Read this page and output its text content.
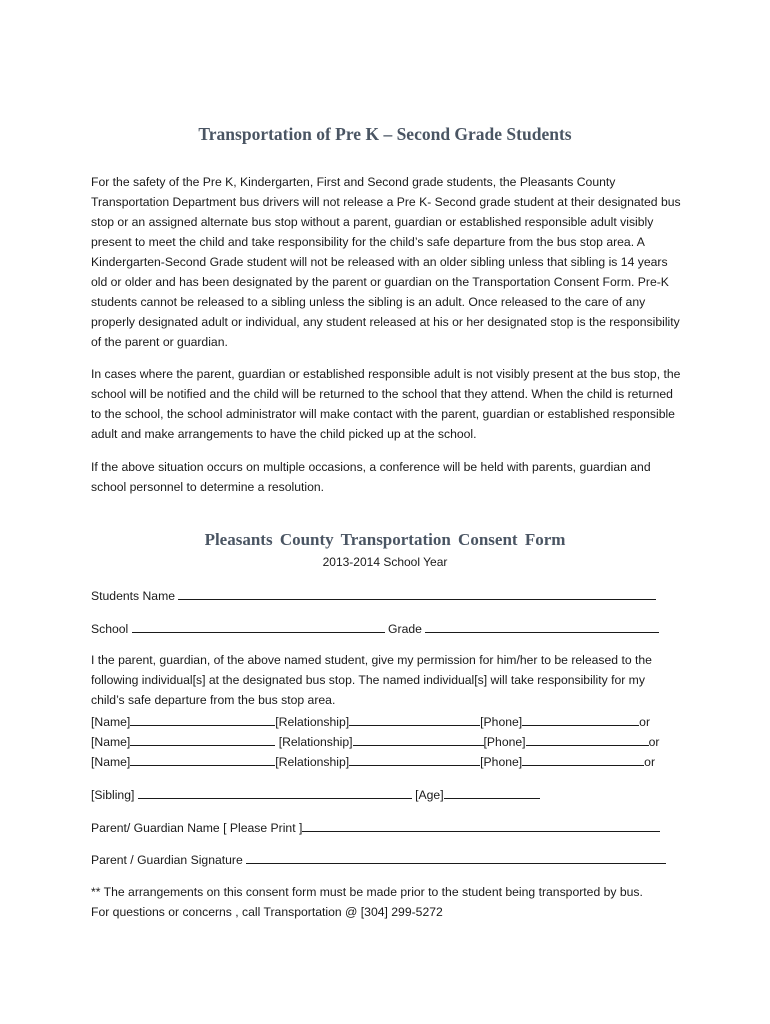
Transportation of Pre K – Second Grade Students

For the safety of the Pre K, Kindergarten, First and Second grade students, the Pleasants County Transportation Department bus drivers will not release a Pre K- Second grade student at their designated bus stop or an assigned alternate bus stop without a parent, guardian or established responsible adult visibly present to meet the child and take responsibility for the child’s safe departure from the bus stop area. A Kindergarten-Second Grade student will not be released with an older sibling unless that sibling is 14 years old or older and has been designated by the parent or guardian on the Transportation Consent Form. Pre-K students cannot be released to a sibling unless the sibling is an adult. Once released to the care of any properly designated adult or individual, any student released at his or her designated stop is the responsibility of the parent or guardian.

In cases where the parent, guardian or established responsible adult is not visibly present at the bus stop, the school will be notified and the child will be returned to the school that they attend. When the child is returned to the school, the school administrator will make contact with the parent, guardian or established responsible adult and make arrangements to have the child picked up at the school.

If the above situation occurs on multiple occasions, a conference will be held with parents, guardian and school personnel to determine a resolution.

Pleasants County Transportation Consent Form
2013-2014 School Year
Students Name
School	Grade

I the parent, guardian, of the above named student, give my permission for him/her to be released to the following individual[s] at the designated bus stop. The named individual[s] will take responsibility for my child’s safe departure from the bus stop area.

[Name]	[Relationship]	[Phone]	or
[Name]	[Relationship]	[Phone]	or
[Name]	[Relationship]	[Phone]	or
[Sibling]	[Age]
Parent/ Guardian Name [ Please Print ]
Parent / Guardian Signature

** The arrangements on this consent form must be made prior to the student being transported by bus.

For questions or concerns , call Transportation @ [304] 299-5272
